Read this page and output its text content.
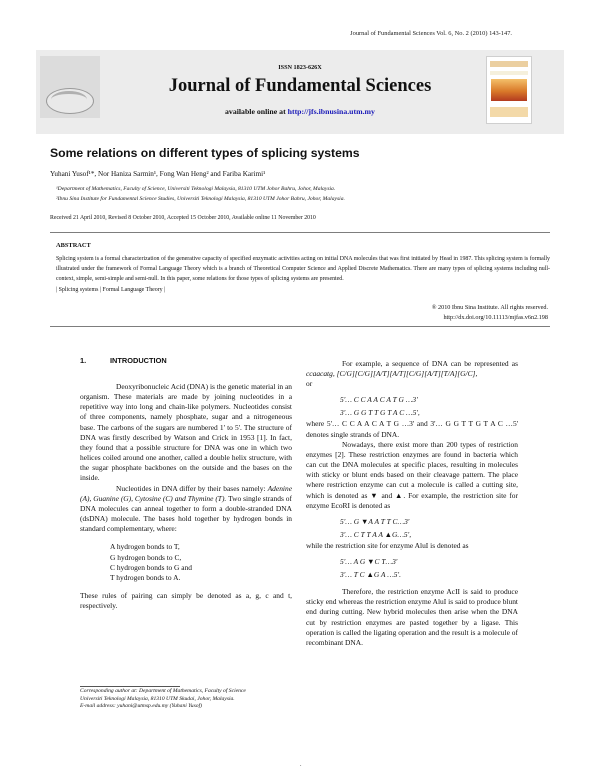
Journal of Fundamental Sciences Vol. 6, No. 2 (2010) 143-147.
ISSN 1823-626X
Journal of Fundamental Sciences
available online at http://jfs.ibnusina.utm.my
Some relations on different types of splicing systems
Yuhani Yusof¹*, Nor Haniza Sarmin¹, Fong Wan Heng² and Fariba Karimi¹
¹Department of Mathematics, Faculty of Science, Universiti Teknologi Malaysia, 81310 UTM Johor Bahru, Johor, Malaysia.
²Ibnu Sina Institute for Fundamental Science Studies, Universiti Teknologi Malaysia, 81310 UTM Johor Bahru, Johor, Malaysia.
Received 21 April 2010, Revised 8 October 2010, Accepted 15 October 2010, Available online 11 November 2010
ABSTRACT
Splicing system is a formal characterization of the generative capacity of specified enzymatic activities acting on initial DNA molecules that was first initiated by Head in 1987. This splicing system is formally illustrated under the framework of Formal Language Theory which is a branch of Theoretical Computer Science and Applied Discrete Mathematics. There are many types of splicing systems including null-context, simple, semi-simple and semi-null. In this paper, some relations for those types of splicing systems are presented.
| Splicing systems | Formal Language Theory |
® 2010 Ibnu Sina Institute. All rights reserved.
http://dx.doi.org/10.11113/mjfas.v6n2.198
1.	INTRODUCTION

Deoxyribonucleic Acid (DNA) is the genetic material in an organism. These materials are made by joining nucleotides in a repetitive way into long and chain-like polymers. Nucleotides consist of three components, namely phosphate, sugar and a nitrogeneous base. The carbons of the sugars are numbered 1' to 5'. The structure of DNA was firstly described by Watson and Crick in 1953 [1]. In fact, they found that a possible structure for DNA was one in which two helices coiled around one another, called a double helix structure, with the sugar phosphate backbones on the outside and the bases on the inside.

Nucleotides in DNA differ by their bases namely: Adenine (A), Guanine (G), Cytosine (C) and Thymine (T). Two single strands of DNA molecules can anneal together to form a double-stranded DNA (dsDNA) molecule. The bases hold together by hydrogen bonds in standard complementary, where:

A hydrogen bonds to T,

G hydrogen bonds to C,

C hydrogen bonds to G and

T hydrogen bonds to A.

These rules of pairing can simply be denoted as a, g, c and t, respectively.

For example, a sequence of DNA can be represented as ccaacatg, [C/G][C/G][A/T][A/T][C/G][A/T][T/A][G/C],

or

5'… C C A A C A T G …3'

3'… G G T T G T A C …5',

where 5'… C C A A C A T G …3' and 3'… G G T T G T A C …5' denotes single strands of DNA.

Nowadays, there exist more than 200 types of restriction enzymes [2]. These restriction enzymes are found in bacteria which can cut the DNA molecules at specific places, resulting in molecules with sticky or blunt ends based on their cleavage pattern. The place where restriction enzyme can cut a molecule is called a cutting site, which is denoted as ▼ and ▲. For example, the restriction site for enzyme EcoRI is denoted as

5'… G ▼A A T T C…3'

3'… C T T A A ▲G…5',

while the restriction site for enzyme AluI is denoted as

5'… A G ▼C T…3'

3'… T C ▲G A …5'.

Therefore, the restriction enzyme AcII is said to produce sticky end whereas the restriction enzyme AluI is said to produce blunt end during cutting. New hybrid molecules then arise when the DNA cut by restriction enzymes are pasted together by a ligase. This operation is called the ligating operation and the result is a molecule of recombinant DNA.

Corresponding author at: Department of Mathematics, Faculty of Science
Universiti Teknologi Malaysia, 81310 UTM Skudai, Johor, Malaysia.
E-mail address: yuhani@utmsp.edu.my (Yuhani Yusof)
.
